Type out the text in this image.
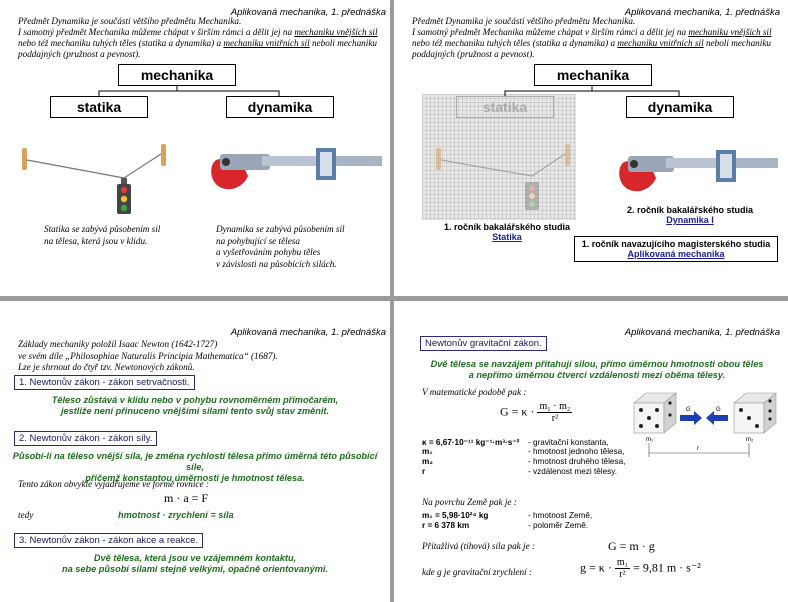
Aplikovaná mechanika, 1. přednáška
Předmět Dynamika je součástí většího předmětu Mechanika.
I samotný předmět Mechanika můžeme chápat v širším rámci a dělit jej na mechaniku vnějších sil nebo též mechaniku tuhých těles (statika a dynamika) a mechaniku vnitřních sil neboli mechaniku poddajných (pružnost a pevnost).
mechanika
statika	dynamika
Statika se zabývá působením sil
na tělesa, která jsou v klidu.
Dynamika se zabývá působením sil
na pohybující se tělesa
a vyšetřováním pohybu těles
v závislosti na působících silách.
Aplikovaná mechanika, 1. přednáška
Předmět Dynamika je součástí většího předmětu Mechanika.
I samotný předmět Mechanika můžeme chápat v širším rámci a dělit jej na mechaniku vnějších sil nebo též mechaniku tuhých těles (statika a dynamika) a mechaniku vnitřních sil neboli mechaniku poddajných (pružnost a pevnost).
mechanika
statika	dynamika
1. ročník bakalářského studia
Statika
2. ročník bakalářského studia
Dynamika I
1. ročník navazujícího magisterského studia
Aplikovaná mechanika
Aplikovaná mechanika, 1. přednáška
Základy mechaniky položil Isaac Newton (1642-1727)
ve svém díle „Philosophiae Naturalis Principia Mathematica“ (1687).
Lze je shrnout do čtyř tzv. Newtonových zákonů.
1. Newtonův zákon - zákon setrvačnosti.
Těleso zůstává v klidu nebo v pohybu rovnoměrném přímočarém,
jestliže není přinuceno vnějšími silami tento svůj stav změnit.
2. Newtonův zákon - zákon síly.
Působí-li na těleso vnější síla, je změna rychlosti tělesa přímo úměrná této působící síle,
přičemž konstantou úměrnosti je hmotnost tělesa.
Tento zákon obvykle vyjadřujeme ve formě rovnice :
m · a = F
tedy	hmotnost · zrychlení = síla
3. Newtonův zákon - zákon akce a reakce.
Dvě tělesa, která jsou ve vzájemném kontaktu,
na sebe působí silami stejně velkými, opačně orientovanými.
Aplikovaná mechanika, 1. přednáška
Newtonův gravitační zákon.
Dvě tělesa se navzájem přitahují silou, přímo úměrnou hmotnosti obou těles
a nepřímo úměrnou čtverci vzdálenosti mezi oběma tělesy.
V matematické podobě pak :
$G = \kappa \cdot \frac{\text{m₁ · m₂}}{\text{r²}}$
m₁	m₂
G	G
r
Na povrchu Země pak je :
Přitažlivá (tíhová) síla pak je :	G = m · g
kde g je gravitační zrychlení :	$g = \kappa \cdot \frac{\text{m₁}}{\text{r²}} = 9,81$ m · s⁻²
κ = 6,67·10⁻¹¹ kg⁻¹·m³·s⁻² - gravitační konstanta,
m₁	- hmotnost jednoho tělesa,
m₂	- hmotnost druhého tělesa,
r	- vzdálenost mezi tělesy.
m₁ = 5,98·10²⁴ kg	- hmotnost Země,
r = 6 378 km	- poloměr Země.
